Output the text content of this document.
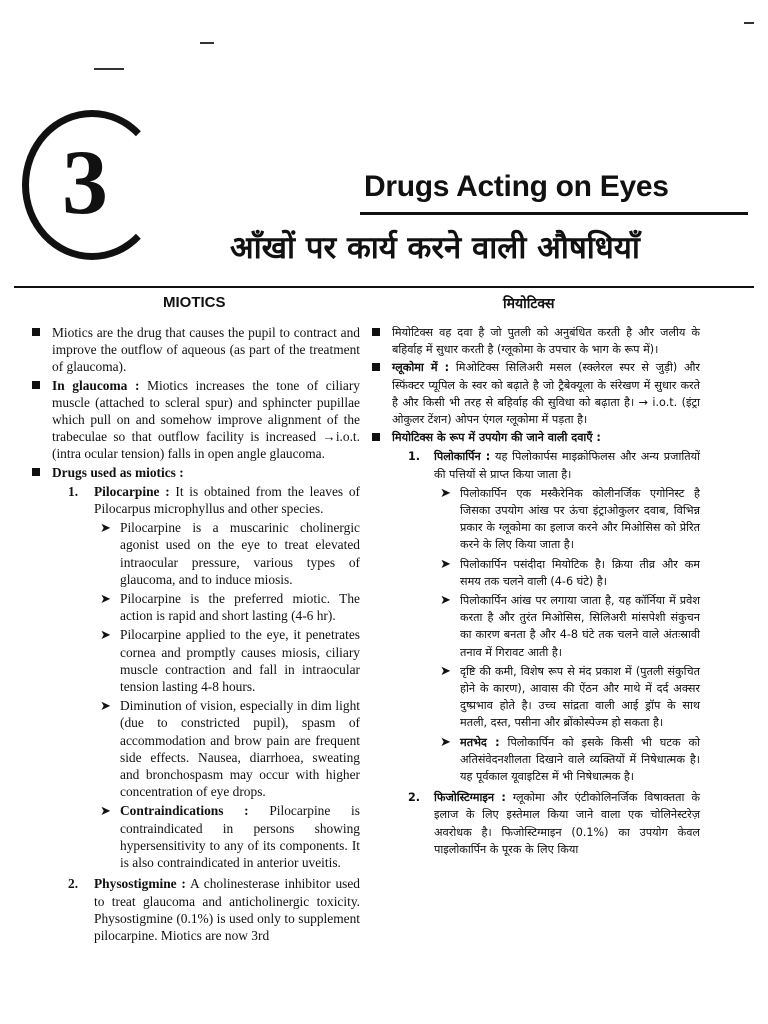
3	Drugs Acting on Eyes
आँखों पर कार्य करने वाली औषधियाँ
MIOTICS	मियोटिक्स
Miotics are the drug that causes the pupil to contract and improve the outflow of aqueous (as part of the treatment of glaucoma).
In glaucoma : Miotics increases the tone of ciliary muscle (attached to scleral spur) and sphincter pupillae which pull on and somehow improve alignment of the trabeculae so that outflow facility is increased →i.o.t. (intra ocular tension) falls in open angle glaucoma.
Drugs used as miotics :
1. Pilocarpine : It is obtained from the leaves of Pilocarpus microphyllus and other species.
➤ Pilocarpine is a muscarinic cholinergic agonist used on the eye to treat elevated intraocular pressure, various types of glaucoma, and to induce miosis.
➤ Pilocarpine is the preferred miotic. The action is rapid and short lasting (4-6 hr).
➤ Pilocarpine applied to the eye, it penetrates cornea and promptly causes miosis, ciliary muscle contraction and fall in intraocular tension lasting 4-8 hours.
➤ Diminution of vision, especially in dim light (due to constricted pupil), spasm of accommodation and brow pain are frequent side effects. Nausea, diarrhoea, sweating and bronchospasm may occur with higher concentration of eye drops.
➤ Contraindications : Pilocarpine is contraindicated in persons showing hypersensitivity to any of its components. It is also contraindicated in anterior uveitis.
2. Physostigmine : A cholinesterase inhibitor used to treat glaucoma and anticholinergic toxicity. Physostigmine (0.1%) is used only to supplement pilocarpine. Miotics are now 3rd
मियोटिक्स वह दवा है जो पुतली को अनुबंधित करती है और जलीय के बहिर्वाह में सुधार करती है (ग्लूकोमा के उपचार के भाग के रूप में)।
ग्लूकोमा में : मिओटिक्स सिलिअरी मसल (स्क्लेरल स्पर से जुड़ी) और स्फिंक्टर प्यूपिल के स्वर को बढ़ाते है जो ट्रैबेक्यूला के संरेखण में सुधार करते है और किसी भी तरह से बहिर्वाह की सुविधा को बढ़ाता है। → i.o.t. (इंट्रा ओकुलर टेंशन) ओपन एंगल ग्लूकोमा में पड़ता है।
मियोटिक्स के रूप में उपयोग की जाने वाली दवाएँ :
1. पिलोकार्पिन : यह पिलोकार्पस माइक्रोफिलस और अन्य प्रजातियों की पत्तियों से प्राप्त किया जाता है।
➤ पिलोकार्पिन एक मस्कैरेनिक कोलीनर्जिक एगोनिस्ट है जिसका उपयोग आंख पर ऊंचा इंट्राओकुलर दवाब, विभिन्न प्रकार के ग्लूकोमा का इलाज करने और मिओसिस को प्रेरित करने के लिए किया जाता है।
➤ पिलोकार्पिन पसंदीदा मियोटिक है। क्रिया तीव्र और कम समय तक चलने वाली (4-6 घंटे) है।
➤ पिलोकार्पिन आंख पर लगाया जाता है, यह कॉर्निया में प्रवेश करता है और तुरंत मिओसिस, सिलिअरी मांसपेशी संकुचन का कारण बनता है और 4-8 घंटे तक चलने वाले अंतःस्रावी तनाव में गिरावट आती है।
➤ दृष्टि की कमी, विशेष रूप से मंद प्रकाश में (पुतली संकुचित होने के कारण), आवास की ऐंठन और माथे में दर्द अक्सर दुष्प्रभाव होते है। उच्च सांद्रता वाली आई ड्रॉप के साथ मतली, दस्त, पसीना और ब्रोंकोस्पेज्म हो सकता है।
➤ मतभेद : पिलोकार्पिन को इसके किसी भी घटक को अतिसंवेदनशीलता दिखाने वाले व्यक्तियों में निषेधात्मक है। यह पूर्वकाल यूवाइटिस में भी निषेधात्मक है।
2. फिजोस्टिग्माइन : ग्लूकोमा और एंटीकोलिनर्जिक विषाक्तता के इलाज के लिए इस्तेमाल किया जाने वाला एक चोलिनेस्टरेज़ अवरोधक है। फिजोस्टिग्माइन (0.1%) का उपयोग केवल पाइलोकार्पिन के पूरक के लिए किया
